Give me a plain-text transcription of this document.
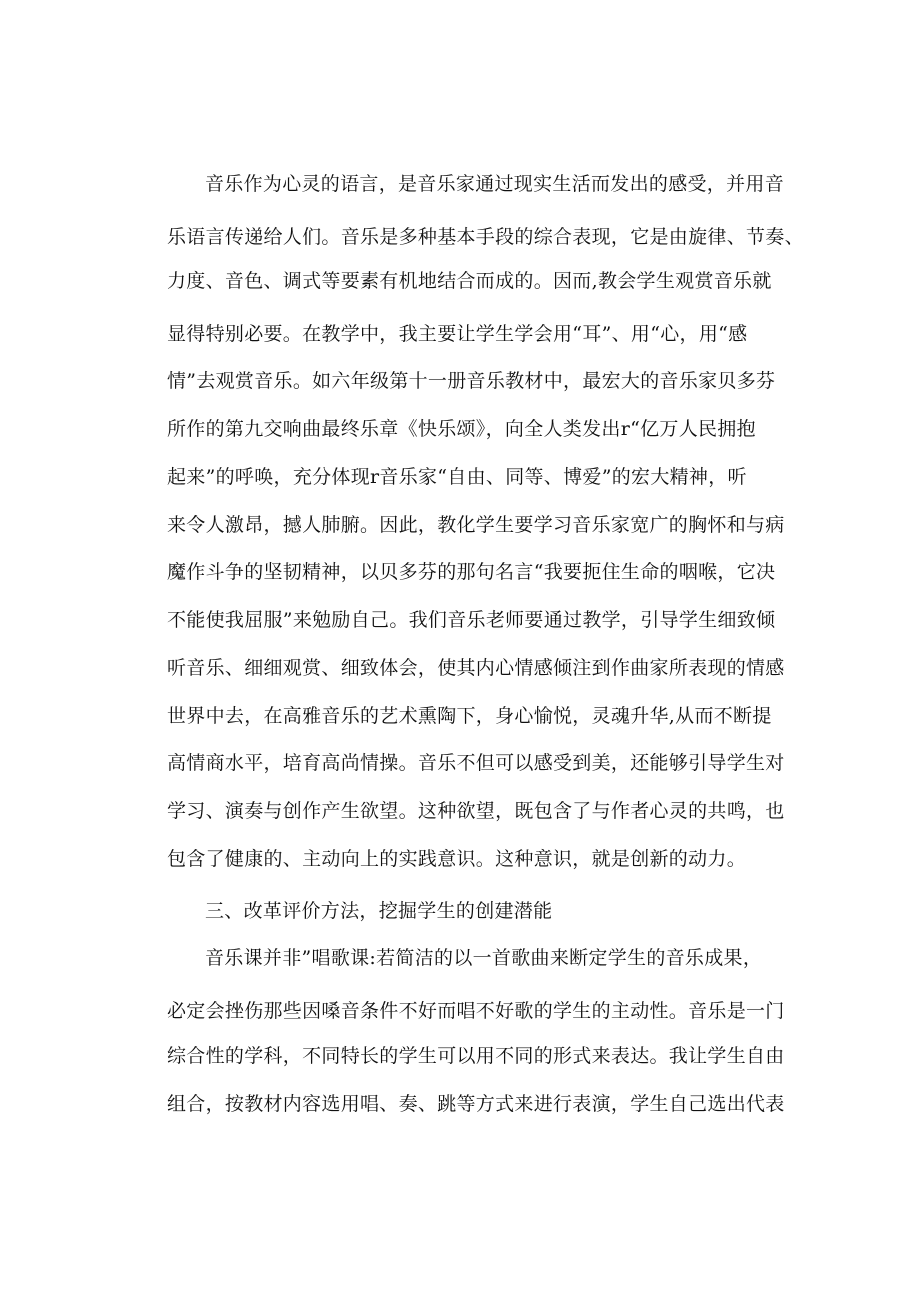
音乐作为心灵的语言，是音乐家通过现实生活而发出的感受，并用音
乐语言传递给人们。音乐是多种基本手段的综合表现，它是由旋律、节奏、
力度、音色、调式等要素有机地结合而成的。因而,教会学生观赏音乐就
显得特别必要。在教学中，我主要让学生学会用“耳”、用“心，用“感
情”去观赏音乐。如六年级第十一册音乐教材中，最宏大的音乐家贝多芬
所作的第九交响曲最终乐章《快乐颂》，向全人类发出r“亿万人民拥抱
起来”的呼唤，充分体现r音乐家“自由、同等、博爱”的宏大精神，听
来令人激昂，撼人肺腑。因此，教化学生要学习音乐家宽广的胸怀和与病
魔作斗争的坚韧精神，以贝多芬的那句名言“我要扼住生命的咽喉，它决
不能使我屈服”来勉励自己。我们音乐老师要通过教学，引导学生细致倾
听音乐、细细观赏、细致体会，使其内心情感倾注到作曲家所表现的情感
世界中去，在高雅音乐的艺术熏陶下，身心愉悦，灵魂升华,从而不断提
高情商水平，培育高尚情操。音乐不但可以感受到美，还能够引导学生对
学习、演奏与创作产生欲望。这种欲望，既包含了与作者心灵的共鸣，也
包含了健康的、主动向上的实践意识。这种意识，就是创新的动力。
三、改革评价方法，挖掘学生的创建潜能
音乐课并非”唱歌课:若简洁的以一首歌曲来断定学生的音乐成果，
必定会挫伤那些因嗓音条件不好而唱不好歌的学生的主动性。音乐是一门
综合性的学科，不同特长的学生可以用不同的形式来表达。我让学生自由
组合，按教材内容选用唱、奏、跳等方式来进行表演，学生自己选出代表
